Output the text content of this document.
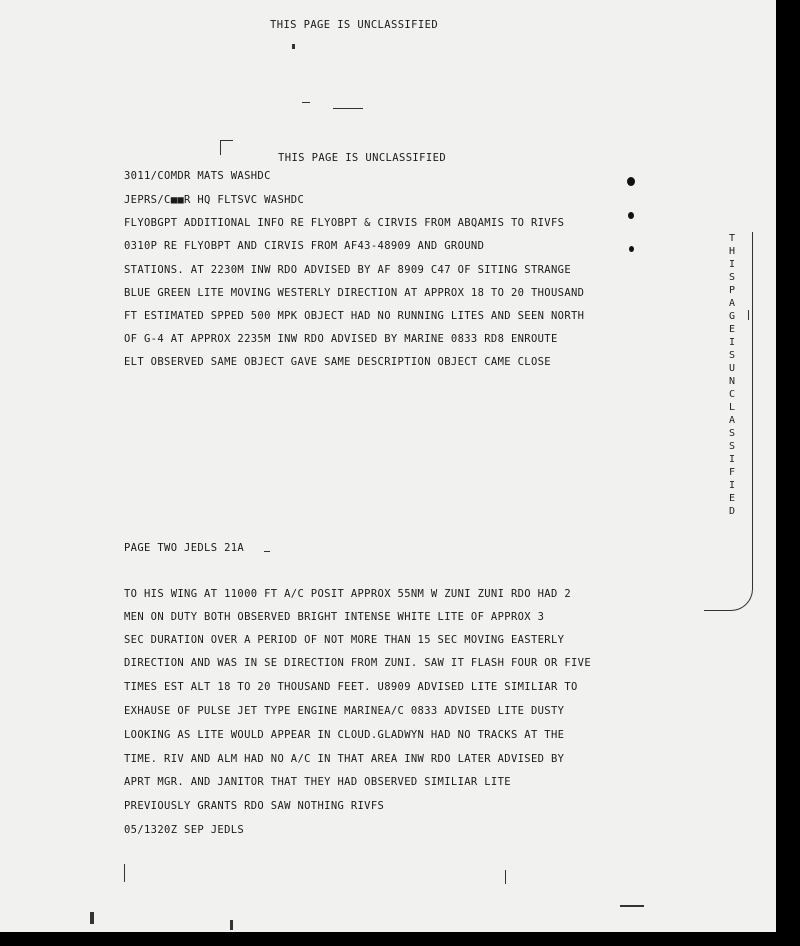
THIS PAGE IS UNCLASSIFIED
THIS PAGE IS UNCLASSIFIED
3011/COMDR MATS WASHDC
JEPRS/C■■R HQ FLTSVC WASHDC
FLYOBGPT ADDITIONAL INFO RE FLYOBPT & CIRVIS FROM ABQAMIS TO RIVFS
0310P RE FLYOBPT AND CIRVIS FROM AF43-48909 AND GROUND
STATIONS. AT 2230M INW RDO ADVISED BY AF 8909 C47 OF SITING STRANGE
BLUE GREEN LITE MOVING WESTERLY DIRECTION AT APPROX 18 TO 20 THOUSAND
FT ESTIMATED SPPED 500 MPK OBJECT HAD NO RUNNING LITES AND SEEN NORTH
OF G-4 AT APPROX 2235M INW RDO ADVISED BY MARINE 0833 RD8 ENROUTE
ELT OBSERVED SAME OBJECT GAVE SAME DESCRIPTION OBJECT CAME CLOSE
PAGE TWO JEDLS 21A
TO HIS WING AT 11000 FT A/C POSIT APPROX 55NM W ZUNI ZUNI RDO HAD 2
MEN ON DUTY BOTH OBSERVED BRIGHT INTENSE WHITE LITE OF APPROX 3
SEC DURATION OVER A PERIOD OF NOT MORE THAN 15 SEC MOVING EASTERLY
DIRECTION AND WAS IN SE DIRECTION FROM ZUNI. SAW IT FLASH FOUR OR FIVE
TIMES EST ALT 18 TO 20 THOUSAND FEET. U8909 ADVISED LITE SIMILIAR TO
EXHAUSE OF PULSE JET TYPE ENGINE MARINEA/C 0833 ADVISED LITE DUSTY
LOOKING AS LITE WOULD APPEAR IN CLOUD.GLADWYN HAD NO TRACKS AT THE
TIME. RIV AND ALM HAD NO A/C IN THAT AREA INW RDO LATER ADVISED BY
APRT MGR. AND JANITOR THAT THEY HAD OBSERVED SIMILIAR LITE
PREVIOUSLY GRANTS RDO SAW NOTHING RIVFS
05/1320Z SEP JEDLS
THIS PAGE IS UNCLASSIFIED
